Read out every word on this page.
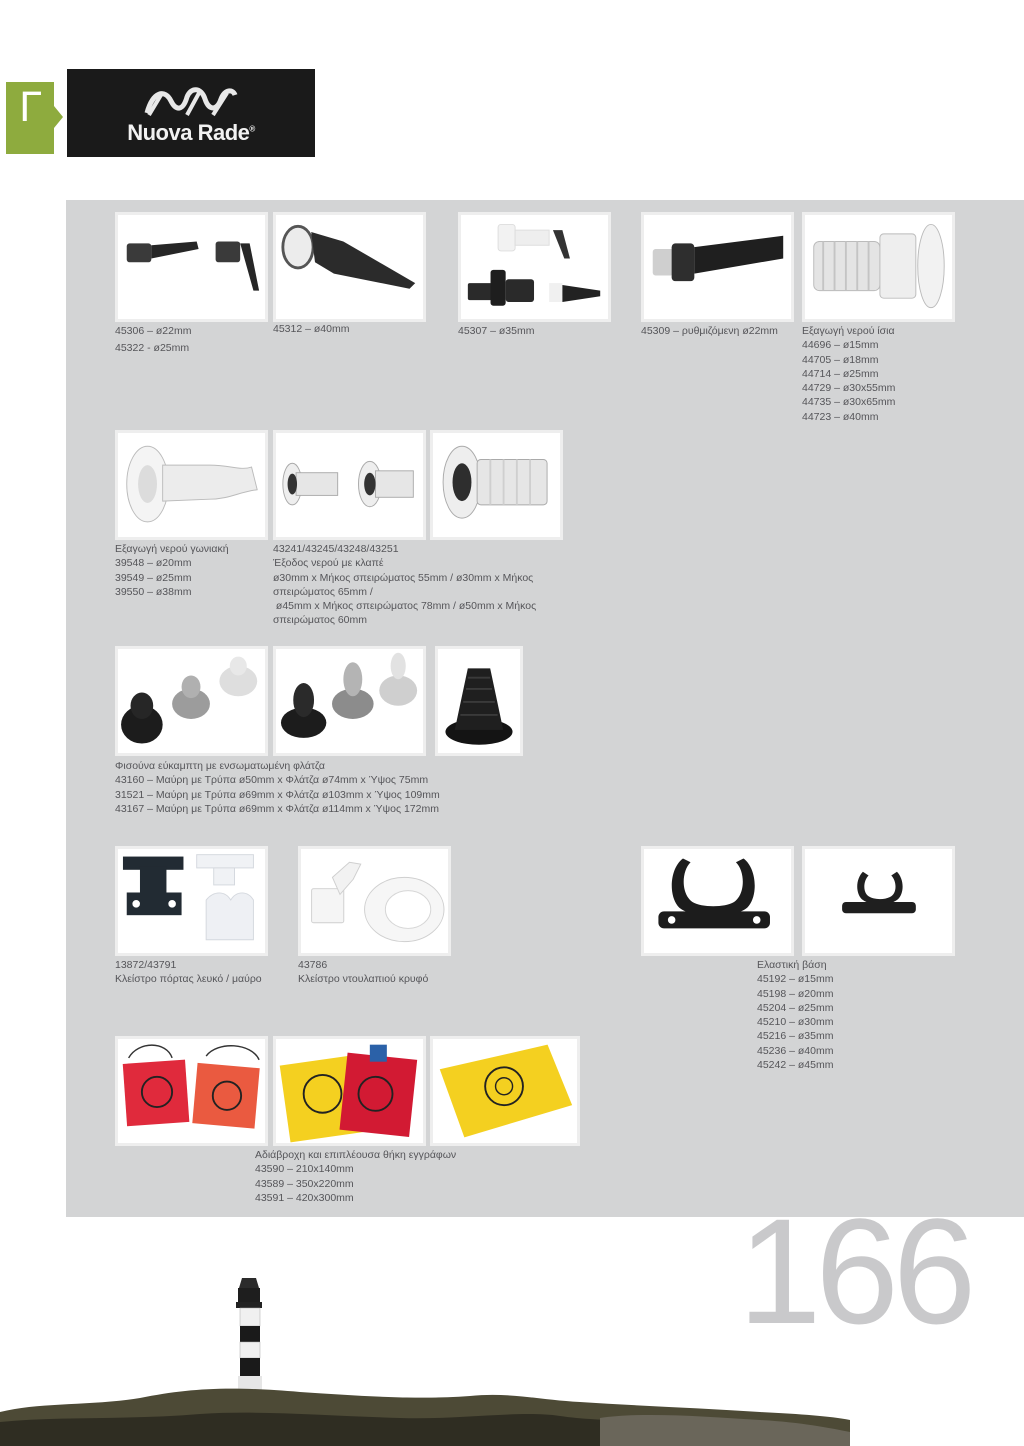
Γ
Nuova Rade®
45306 – ø22mm
45322 - ø25mm
45312 – ø40mm	45307 – ø35mm	45309 – ρυθμιζόμενη ø22mm Εξαγωγή νερού ίσια
44696 – ø15mm
44705 – ø18mm
44714 – ø25mm
44729 – ø30x55mm
44735 – ø30x65mm
44723 – ø40mm
Εξαγωγή νερού γωνιακή
39548 – ø20mm
39549 – ø25mm
39550 – ø38mm
43241/43245/43248/43251
Έξοδος νερού με κλαπέ
ø30mm x Μήκος σπειρώματος 55mm / ø30mm x Μήκος
σπειρώματος 65mm /
ø45mm x Μήκος σπειρώματος 78mm / ø50mm x Μήκος
σπειρώματος 60mm
Φισούνα εύκαμπτη με ενσωματωμένη φλάτζα
43160 – Μαύρη με Τρύπα ø50mm x Φλάτζα ø74mm x Ύψος 75mm
31521 – Μαύρη με Τρύπα ø69mm x Φλάτζα ø103mm x Ύψος 109mm
43167 – Μαύρη με Τρύπα ø69mm x Φλάτζα ø114mm x Ύψος 172mm
13872/43791
Κλείστρο πόρτας λευκό / μαύρο
43786
Κλείστρο ντουλαπιού κρυφό
Ελαστική βάση
45192 – ø15mm
45198 – ø20mm
45204 – ø25mm
45210 – ø30mm
45216 – ø35mm
45236 – ø40mm
45242 – ø45mm
Αδιάβροχη και επιπλέουσα θήκη εγγράφων
43590 – 210x140mm
43589 – 350x220mm
43591 – 420x300mm	166
